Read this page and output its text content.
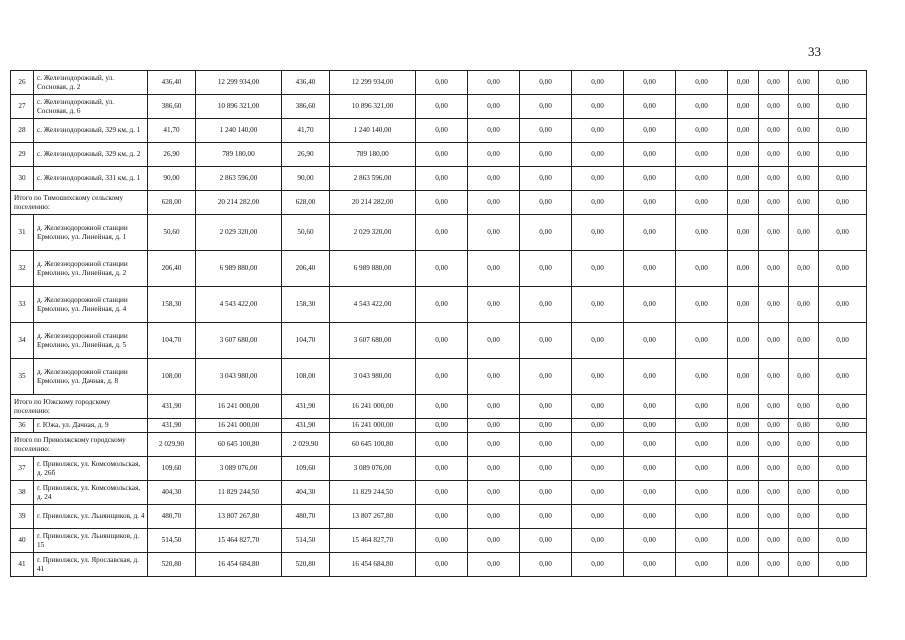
33
26	с. Железнодорожный, ул. Сосновая, д. 2	436,40	12 299 934,00	436,40	12 299 934,00	0,00	0,00	0,00	0,00	0,00	0,00	0,00	0,00	0,00	0,00
27	с. Железнодорожный, ул. Сосновая, д. 6	386,60	10 896 321,00	386,60	10 896 321,00	0,00	0,00	0,00	0,00	0,00	0,00	0,00	0,00	0,00	0,00
28	с. Железнодорожный, 329 км, д. 1	41,70	1 240 140,00	41,70	1 240 140,00	0,00	0,00	0,00	0,00	0,00	0,00	0,00	0,00	0,00	0,00
29	с. Железнодорожный, 329 км, д. 2	26,90	789 180,00	26,90	789 180,00	0,00	0,00	0,00	0,00	0,00	0,00	0,00	0,00	0,00	0,00
30	с. Железнодорожный, 331 км, д. 1	90,00	2 863 596,00	90,00	2 863 596,00	0,00	0,00	0,00	0,00	0,00	0,00	0,00	0,00	0,00	0,00
Итого по Тимошихскому сельскому поселению:		628,00	20 214 282,00	628,00	20 214 282,00	0,00	0,00	0,00	0,00	0,00	0,00	0,00	0,00	0,00	0,00
31	д. Железнодорожной станции Ермолино, ул. Линейная, д. 1	50,60	2 029 320,00	50,60	2 029 320,00	0,00	0,00	0,00	0,00	0,00	0,00	0,00	0,00	0,00	0,00
32	д. Железнодорожной станции Ермолино, ул. Линейная, д. 2	206,40	6 989 880,00	206,40	6 989 880,00	0,00	0,00	0,00	0,00	0,00	0,00	0,00	0,00	0,00	0,00
33	д. Железнодорожной станции Ермолино, ул. Линейная, д. 4	158,30	4 543 422,00	158,30	4 543 422,00	0,00	0,00	0,00	0,00	0,00	0,00	0,00	0,00	0,00	0,00
34	д. Железнодорожной станции Ермолино, ул. Линейная, д. 5	104,70	3 607 680,00	104,70	3 607 680,00	0,00	0,00	0,00	0,00	0,00	0,00	0,00	0,00	0,00	0,00
35	д. Железнодорожной станции Ермолино, ул. Дачная, д. 8	108,00	3 043 980,00	108,00	3 043 980,00	0,00	0,00	0,00	0,00	0,00	0,00	0,00	0,00	0,00	0,00
Итого по Южскому городскому поселению:		431,90	16 241 000,00	431,90	16 241 000,00	0,00	0,00	0,00	0,00	0,00	0,00	0,00	0,00	0,00	0,00
36	г. Южа, ул. Дачная, д. 9	431,90	16 241 000,00	431,90	16 241 000,00	0,00	0,00	0,00	0,00	0,00	0,00	0,00	0,00	0,00	0,00
Итого по Приволжскому городскому поселению:		2 029,90	60 645 100,80	2 029,90	60 645 100,80	0,00	0,00	0,00	0,00	0,00	0,00	0,00	0,00	0,00	0,00
37	г. Приволжск, ул. Комсомольская, д. 26б	109,60	3 089 076,00	109,60	3 089 076,00	0,00	0,00	0,00	0,00	0,00	0,00	0,00	0,00	0,00	0,00
38	г. Приволжск, ул. Комсомольская, д. 24	404,30	11 829 244,50	404,30	11 829 244,50	0,00	0,00	0,00	0,00	0,00	0,00	0,00	0,00	0,00	0,00
39	г. Приволжск, ул. Льнянщиков, д. 4	480,70	13 807 267,80	480,70	13 807 267,80	0,00	0,00	0,00	0,00	0,00	0,00	0,00	0,00	0,00	0,00
40	г. Приволжск, ул. Льнянщиков, д. 15	514,50	15 464 827,70	514,50	15 464 827,70	0,00	0,00	0,00	0,00	0,00	0,00	0,00	0,00	0,00	0,00
41	г. Приволжск, ул. Ярославская, д. 41	520,80	16 454 684,80	520,80	16 454 684,80	0,00	0,00	0,00	0,00	0,00	0,00	0,00	0,00	0,00	0,00
